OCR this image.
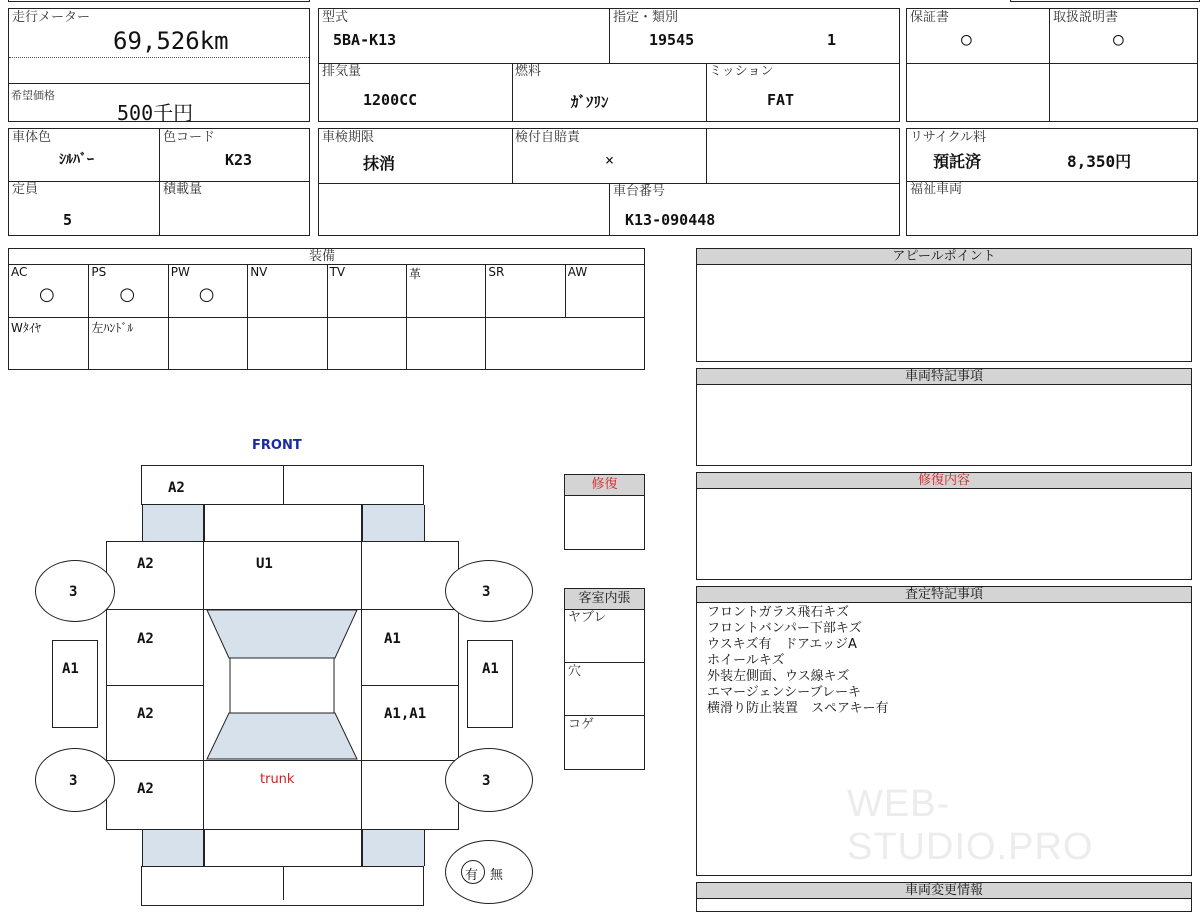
走行メーター
69,526km
希望価格
500千円
型式
5BA-K13
指定・類別
19545	1
排気量
1200CC
燃料
ｶﾞｿﾘﾝ
ミッション
FAT
保証書
○
取扱説明書
○
車体色
ｼﾙﾊﾞｰ
色コード
K23
定員
5
積載量
車検期限
抹消
検付自賠責
×
車台番号
K13-090448
リサイクル料
預託済	8,350円
福祉車両
装備
AC
○
PS
○
PW
○
NV	TV	革	SR	AW
Wﾀｲﾔ	左ﾊﾝﾄﾞﾙ
アピールポイント
車両特記事項
修復内容
査定特記事項
フロントガラス飛石キズ
フロントバンパー下部キズ
ウスキズ有　ドアエッジA
ホイールキズ
外装左側面、ウス線キズ
エマージェンシーブレーキ
横滑り防止装置　スペアキー有
WEB-STUDIO.PRO
車両変更情報
修復
客室内張
ヤブレ
穴
コゲ
FRONT
A2
U1
A2
A2	A1
A2	A1,A1
A2
trunk
A1	A1
3	3
3	3
有 無
